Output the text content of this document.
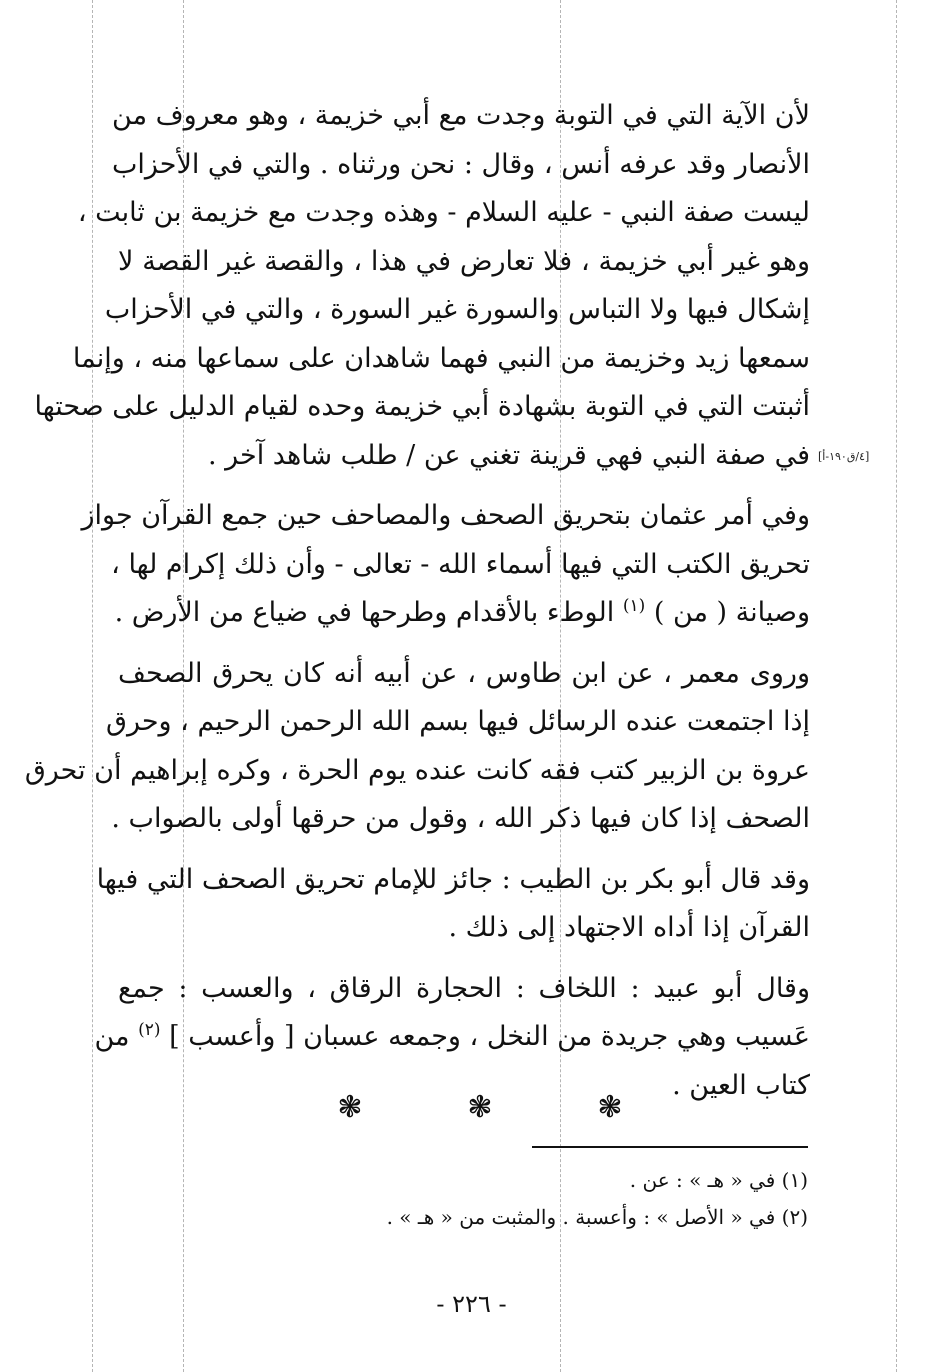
لأن الآية التي في التوبة وجدت مع أبي خزيمة ، وهو معروف من
الأنصار وقد عرفه أنس ، وقال : نحن ورثناه . والتي في الأحزاب
ليست صفة النبي - عليه السلام - وهذه وجدت مع خزيمة بن ثابت ،
وهو غير أبي خزيمة ، فلا تعارض في هذا ، والقصة غير القصة لا
إشكال فيها ولا التباس والسورة غير السورة ، والتي في الأحزاب
سمعها زيد وخزيمة من النبي فهما شاهدان على سماعها منه ، وإنما
أثبتت التي في التوبة بشهادة أبي خزيمة وحده لقيام الدليل على صحتها
في صفة النبي فهي قرينة تغني عن / طلب شاهد آخر .
وفي أمر عثمان بتحريق الصحف والمصاحف حين جمع القرآن جواز
تحريق الكتب التي فيها أسماء الله - تعالى - وأن ذلك إكرام لها ،
وصيانة ( من ) $^{(١)}$ الوطء بالأقدام وطرحها في ضياع من الأرض .
وروى معمر ، عن ابن طاوس ، عن أبيه أنه كان يحرق الصحف
إذا اجتمعت عنده الرسائل فيها بسم الله الرحمن الرحيم ، وحرق
عروة بن الزبير كتب فقه كانت عنده يوم الحرة ، وكره إبراهيم أن تحرق
الصحف إذا كان فيها ذكر الله ، وقول من حرقها أولى بالصواب .
وقد قال أبو بكر بن الطيب : جائز للإمام تحريق الصحف التي فيها
القرآن إذا أداه الاجتهاد إلى ذلك .
وقال أبو عبيد : اللخاف : الحجارة الرقاق ، والعسب : جمع
عَسيب وهي جريدة من النخل ، وجمعه عسبان [ وأعسب ] $^{(٢)}$ من
كتاب العين .
[٤/ق١٩٠-أ]
❃	❃	❃
(١) في « هـ » : عن .
(٢) في « الأصل » : وأعسبة . والمثبت من « هـ » .
- ٢٢٦ -
